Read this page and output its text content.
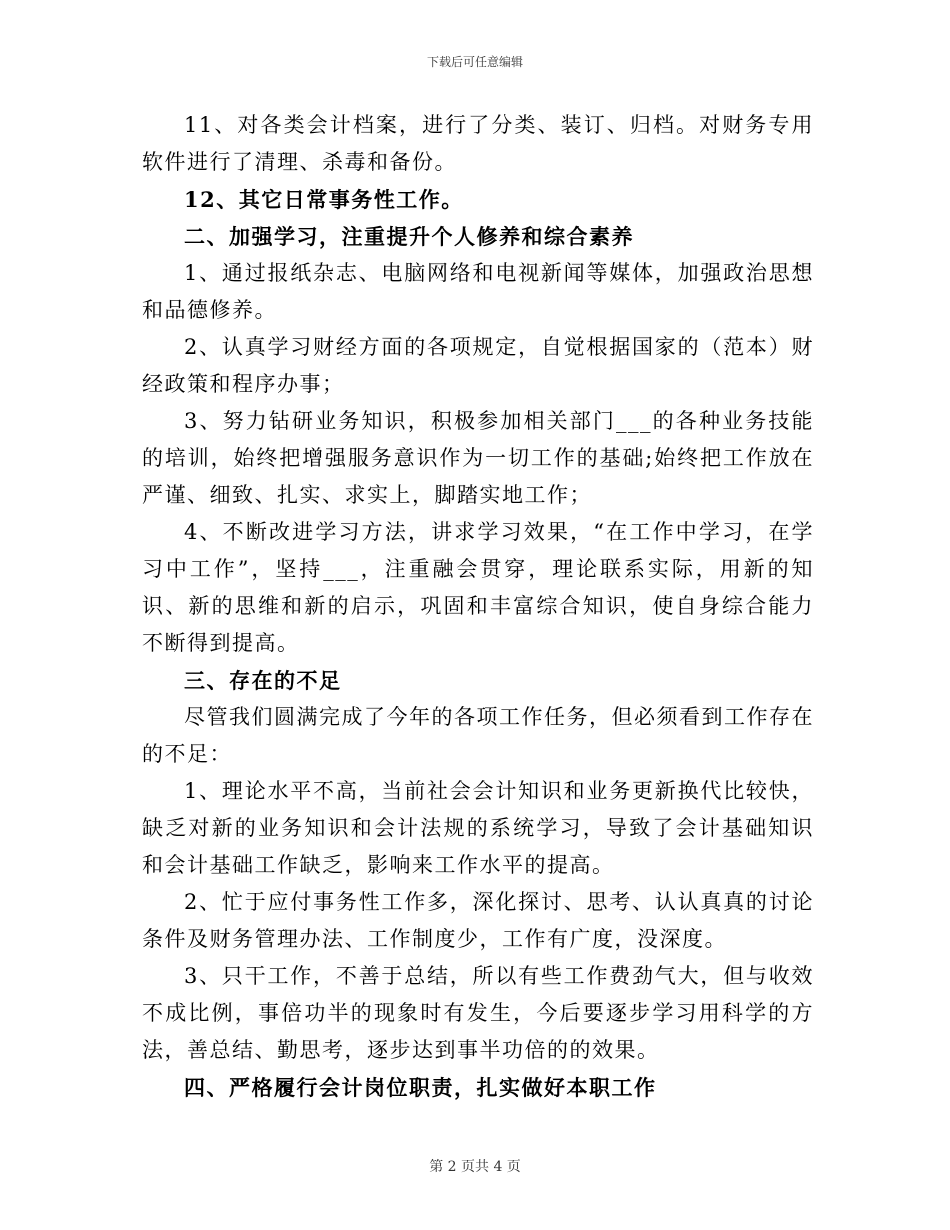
下载后可任意编辑

11、对各类会计档案，进行了分类、装订、归档。对财务专用软件进行了清理、杀毒和备份。

12、其它日常事务性工作。

二、加强学习，注重提升个人修养和综合素养

1、通过报纸杂志、电脑网络和电视新闻等媒体，加强政治思想和品德修养。

2、认真学习财经方面的各项规定，自觉根据国家的（范本）财经政策和程序办事；

3、努力钻研业务知识，积极参加相关部门___的各种业务技能的培训，始终把增强服务意识作为一切工作的基础;始终把工作放在严谨、细致、扎实、求实上，脚踏实地工作；

4、不断改进学习方法，讲求学习效果，“在工作中学习，在学习中工作”，坚持___，注重融会贯穿，理论联系实际，用新的知识、新的思维和新的启示，巩固和丰富综合知识，使自身综合能力不断得到提高。

三、存在的不足

尽管我们圆满完成了今年的各项工作任务，但必须看到工作存在的不足：

1、理论水平不高，当前社会会计知识和业务更新换代比较快，缺乏对新的业务知识和会计法规的系统学习，导致了会计基础知识和会计基础工作缺乏，影响来工作水平的提高。

2、忙于应付事务性工作多，深化探讨、思考、认认真真的讨论条件及财务管理办法、工作制度少，工作有广度，没深度。

3、只干工作，不善于总结，所以有些工作费劲气大，但与收效不成比例，事倍功半的现象时有发生，今后要逐步学习用科学的方法，善总结、勤思考，逐步达到事半功倍的的效果。

四、严格履行会计岗位职责，扎实做好本职工作

第 2 页共 4 页
